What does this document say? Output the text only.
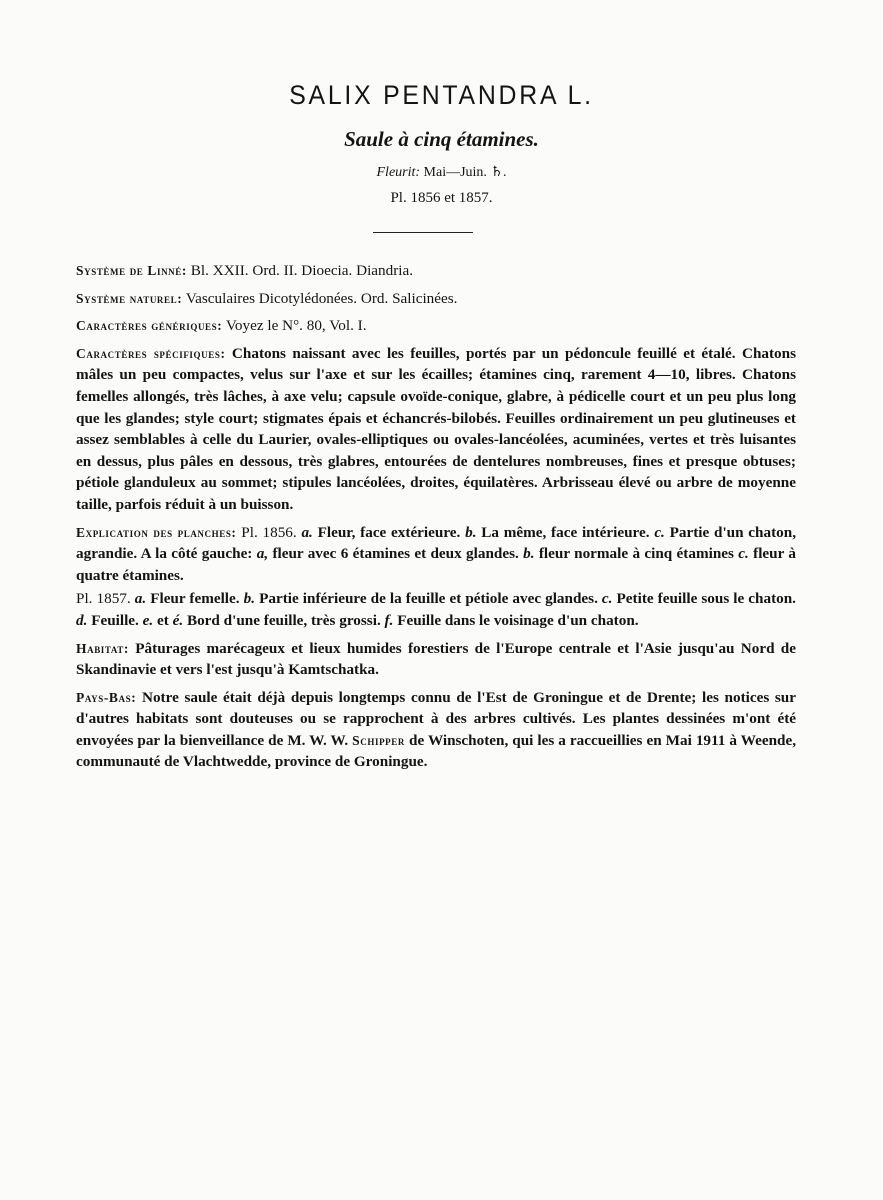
SALIX PENTANDRA L.
Saule à cinq étamines.
Fleurit: Mai—Juin. ♄.
Pl. 1856 et 1857.

Système de Linné: Bl. XXII. Ord. II. Dioecia. Diandria.

Système naturel: Vasculaires Dicotylédonées. Ord. Salicinées.

Caractères génériques: Voyez le N°. 80, Vol. I.

Caractères spécifiques: Chatons naissant avec les feuilles, portés par un pédoncule feuillé et étalé. Chatons mâles un peu compactes, velus sur l'axe et sur les écailles; étamines cinq, rarement 4—10, libres. Chatons femelles allongés, très lâches, à axe velu; capsule ovoïde-conique, glabre, à pédicelle court et un peu plus long que les glandes; style court; stigmates épais et échancrés-bilobés. Feuilles ordinairement un peu glutineuses et assez semblables à celle du Laurier, ovales-elliptiques ou ovales-lancéolées, acuminées, vertes et très luisantes en dessus, plus pâles en dessous, très glabres, entourées de dentelures nombreuses, fines et presque obtuses; pétiole glanduleux au sommet; stipules lancéolées, droites, équilatères. Arbrisseau élevé ou arbre de moyenne taille, parfois réduit à un buisson.

Explication des planches: Pl. 1856. a. Fleur, face extérieure. b. La même, face intérieure. c. Partie d'un chaton, agrandie. A la côté gauche: a, fleur avec 6 étamines et deux glandes. b. fleur normale à cinq étamines c. fleur à quatre étamines.

Pl. 1857. a. Fleur femelle. b. Partie inférieure de la feuille et pétiole avec glandes. c. Petite feuille sous le chaton. d. Feuille. e. et é. Bord d'une feuille, très grossi. f. Feuille dans le voisinage d'un chaton.

Habitat: Pâturages marécageux et lieux humides forestiers de l'Europe centrale et l'Asie jusqu'au Nord de Skandinavie et vers l'est jusqu'à Kamtschatka.

Pays-Bas: Notre saule était déjà depuis longtemps connu de l'Est de Groningue et de Drente; les notices sur d'autres habitats sont douteuses ou se rapprochent à des arbres cultivés. Les plantes dessinées m'ont été envoyées par la bienveillance de M. W. W. Schipper de Winschoten, qui les a raccueillies en Mai 1911 à Weende, communauté de Vlachtwedde, province de Groningue.
